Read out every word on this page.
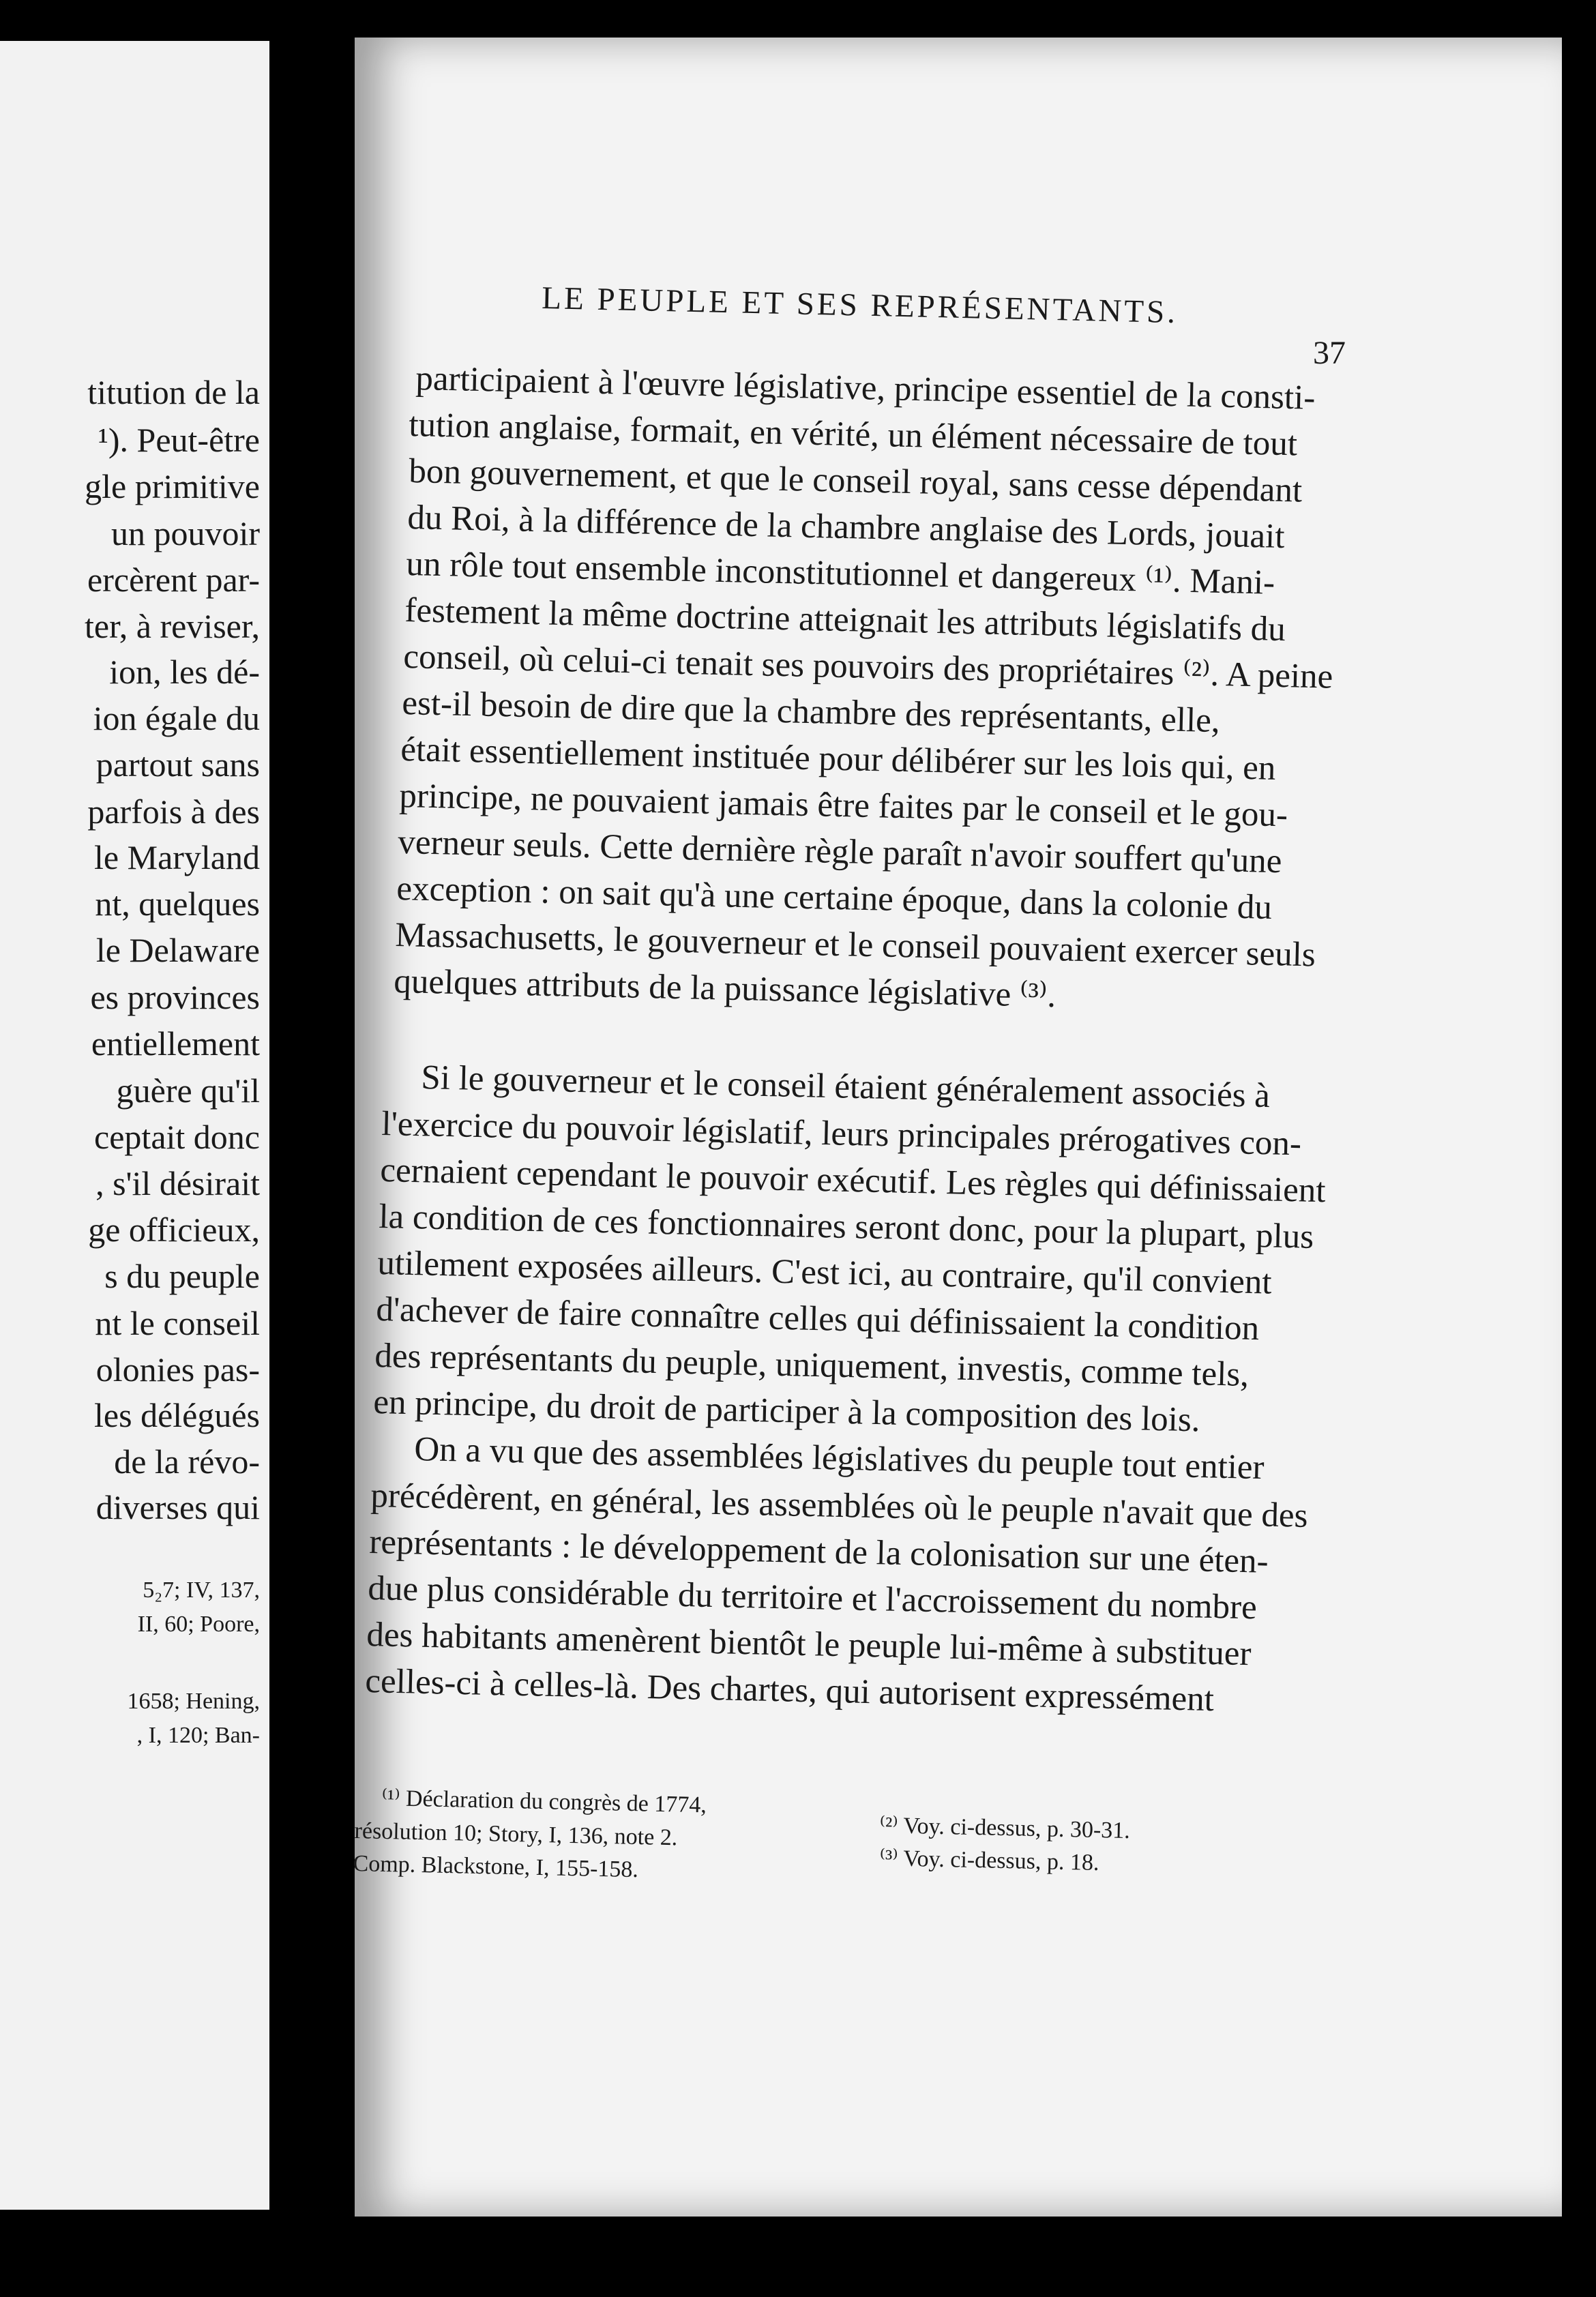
titution de la
¹). Peut-être
gle primitive
un pouvoir
ercèrent par-
ter, à reviser,
ion, les dé-
ion égale du
partout sans
parfois à des
le Maryland
nt, quelques
le Delaware
es provinces
entiellement
guère qu'il
ceptait donc
, s'il désirait
ge officieux,
s du peuple
nt le conseil
olonies pas-
les délégués
de la révo-
diverses qui
5₂7; IV, 137,
II, 60; Poore,
1658; Hening,
, I, 120; Ban-
LE PEUPLE ET SES REPRÉSENTANTS.
37
participaient à l'œuvre législative, principe essentiel de la consti-
tution anglaise, formait, en vérité, un élément nécessaire de tout
bon gouvernement, et que le conseil royal, sans cesse dépendant
du Roi, à la différence de la chambre anglaise des Lords, jouait
un rôle tout ensemble inconstitutionnel et dangereux ⁽¹⁾. Mani-
festement la même doctrine atteignait les attributs législatifs du
conseil, où celui-ci tenait ses pouvoirs des propriétaires ⁽²⁾. A peine
est-il besoin de dire que la chambre des représentants, elle,
était essentiellement instituée pour délibérer sur les lois qui, en
principe, ne pouvaient jamais être faites par le conseil et le gou-
verneur seuls. Cette dernière règle paraît n'avoir souffert qu'une
exception : on sait qu'à une certaine époque, dans la colonie du
Massachusetts, le gouverneur et le conseil pouvaient exercer seuls
quelques attributs de la puissance législative ⁽³⁾.
Si le gouverneur et le conseil étaient généralement associés à
l'exercice du pouvoir législatif, leurs principales prérogatives con-
cernaient cependant le pouvoir exécutif. Les règles qui définissaient
la condition de ces fonctionnaires seront donc, pour la plupart, plus
utilement exposées ailleurs. C'est ici, au contraire, qu'il convient
d'achever de faire connaître celles qui définissaient la condition
des représentants du peuple, uniquement, investis, comme tels,
en principe, du droit de participer à la composition des lois.
On a vu que des assemblées législatives du peuple tout entier
précédèrent, en général, les assemblées où le peuple n'avait que des
représentants : le développement de la colonisation sur une éten-
due plus considérable du territoire et l'accroissement du nombre
des habitants amenèrent bientôt le peuple lui-même à substituer
celles-ci à celles-là. Des chartes, qui autorisent expressément
⁽¹⁾ Déclaration du congrès de 1774,
résolution 10; Story, I, 136, note 2.
Comp. Blackstone, I, 155-158.
⁽²⁾ Voy. ci-dessus, p. 30-31.
⁽³⁾ Voy. ci-dessus, p. 18.
